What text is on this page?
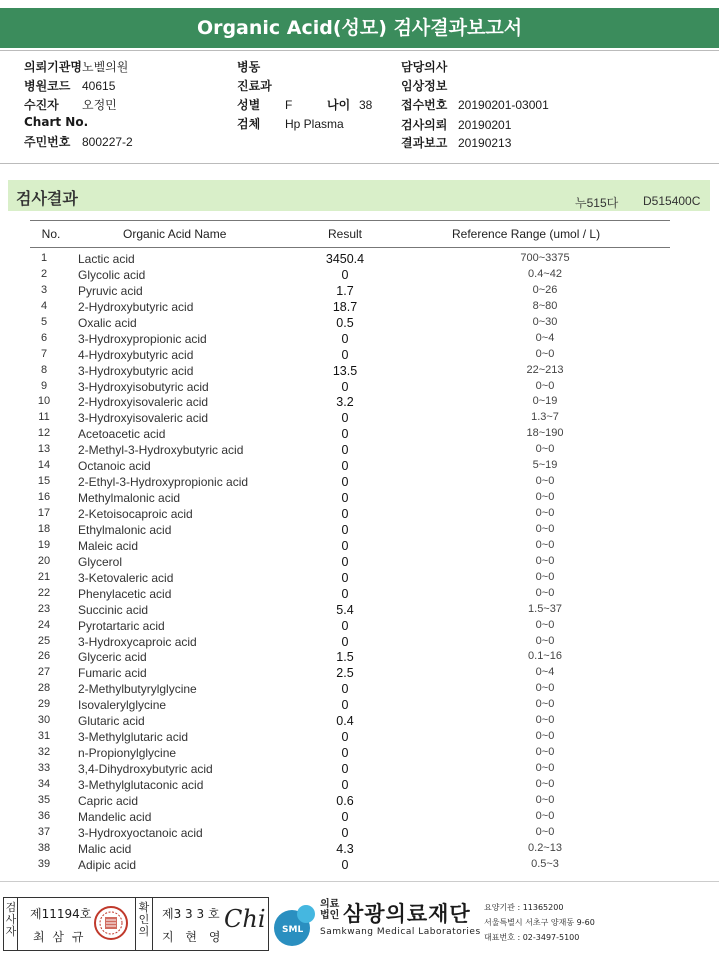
Organic Acid(성모) 검사결과보고서
의뢰기관명노벨의원
병원코드 40615
수진자 오정민
Chart No.
주민번호 800227-2
병동
진료과
성별 F	나이 38
검체 Hp Plasma
담당의사
임상정보
접수번호 20190201-03001
검사의뢰 20190201
결과보고 20190213
검사결과	누515다 D515400C
No.	Organic Acid Name	Result	Reference Range (umol / L)
1	Lactic acid	3450.4	700~3375
2	Glycolic acid	0	0.4~42
3	Pyruvic acid	1.7	0~26
4	2-Hydroxybutyric acid	18.7	8~80
5	Oxalic acid	0.5	0~30
6	3-Hydroxypropionic acid	0	0~4
7	4-Hydroxybutyric acid	0	0~0
8	3-Hydroxybutyric acid	13.5	22~213
9	3-Hydroxyisobutyric acid	0	0~0
10	2-Hydroxyisovaleric acid	3.2	0~19
11	3-Hydroxyisovaleric acid	0	1.3~7
12	Acetoacetic acid	0	18~190
13	2-Methyl-3-Hydroxybutyric acid	0	0~0
14	Octanoic acid	0	5~19
15	2-Ethyl-3-Hydroxypropionic acid	0	0~0
16	Methylmalonic acid	0	0~0
17	2-Ketoisocaproic acid	0	0~0
18	Ethylmalonic acid	0	0~0
19	Maleic acid	0	0~0
20	Glycerol	0	0~0
21	3-Ketovaleric acid	0	0~0
22	Phenylacetic acid	0	0~0
23	Succinic acid	5.4	1.5~37
24	Pyrotartaric acid	0	0~0
25	3-Hydroxycaproic acid	0	0~0
26	Glyceric acid	1.5	0.1~16
27	Fumaric acid	2.5	0~4
28	2-Methylbutyrylglycine	0	0~0
29	Isovalerylglycine	0	0~0
30	Glutaric acid	0.4	0~0
31	3-Methylglutaric acid	0	0~0
32	n-Propionylglycine	0	0~0
33	3,4-Dihydroxybutyric acid	0	0~0
34	3-Methylglutaconic acid	0	0~0
35	Capric acid	0.6	0~0
36	Mandelic acid	0	0~0
37	3-Hydroxyoctanoic acid	0	0~0
38	Malic acid	4.3	0.2~13
39	Adipic acid	0	0.5~3
검
사
자
제11194호
최 삼 규
확
인
의
제3 3 3 호
지 현 영
Chi SML
의료법인 삼광의료재단
Samkwang Medical Laboratories
요양기관 : 11365200
서울특별시 서초구 양재동 9-60
대표번호 : 02-3497-5100
